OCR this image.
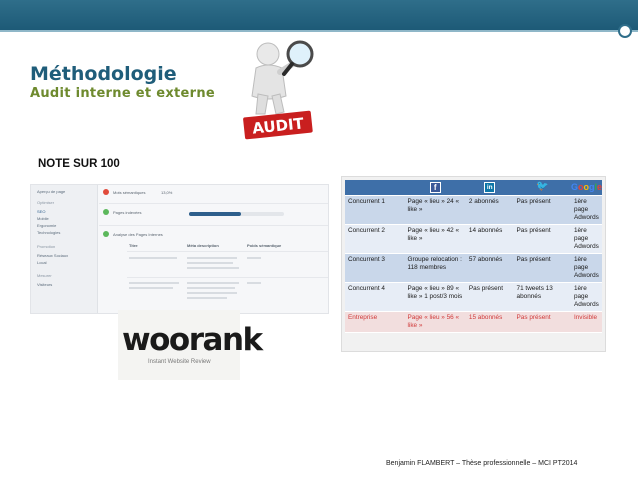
Méthodologie
Audit interne et externe
AUDIT
NOTE SUR 100
Aperçu de page
Optimiser
SEO
Mobile
Ergonomie
Technologies
Promotion
Réseaux Sociaux
Local
Mesurer
Visiteurs
Mots sémantiques	13,0%
Pages indexées
Analyse des Pages Internes
Titre	Méta description	Poids sémantique
woorank
Instant Website Review
	f	in	🐦	Google
Concurrent 1	Page « lieu » 24 « like »	2 abonnés	Pas présent	1ère page Adwords
Concurrent 2	Page « lieu » 42 « like »	14 abonnés	Pas présent	1ère page Adwords
Concurrent 3	Groupe relocation : 118 membres	57 abonnés	Pas présent	1ère page Adwords
Concurrent 4	Page « lieu » 89 « like » 1 post/3 mois	Pas présent	71 tweets 13 abonnés	1ère page Adwords
Entreprise	Page « lieu » 56 « like »	15 abonnés	Pas présent	Invisible
Benjamin FLAMBERT – Thèse professionnelle – MCI PT2014
